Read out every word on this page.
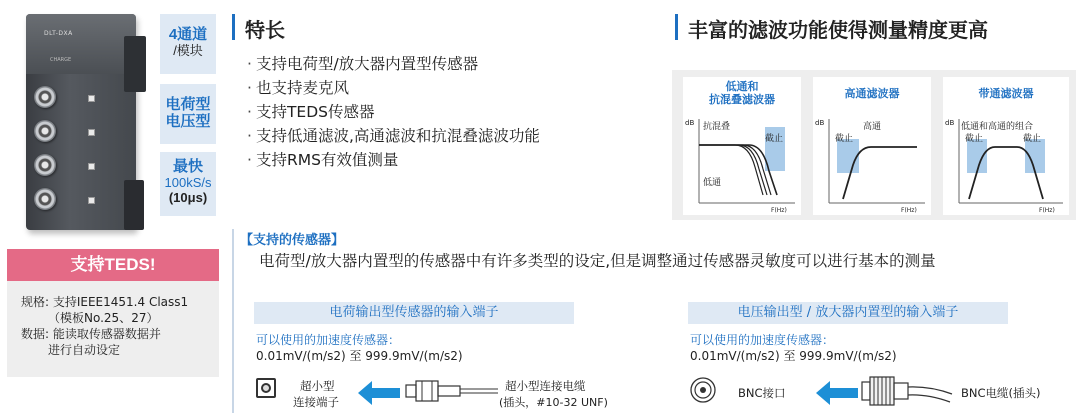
DLT-DXA
CHARGE
4通道
/模块
电荷型
电压型
最快
100kS/s
(10μs)
支持TEDS!
规格: 支持IEEE1451.4 Class1
（模板No.25、27）
数据: 能读取传感器数据并
进行自动设定
特长
· 支持电荷型/放大器内置型传感器
· 也支持麦克风
· 支持TEDS传感器
· 支持低通滤波,高通滤波和抗混叠滤波功能
· 支持RMS有效值测量
丰富的滤波功能使得测量精度更高
低通和
抗混叠滤波器
dB 抗混叠
截止
低通
F(Hz)
高通滤波器
dB	高通
截止
F(Hz)
带通滤波器
dB 低通和高通的组合
截止	截止
F(Hz)
【支持的传感器】
电荷型/放大器内置型的传感器中有许多类型的设定,但是调整通过传感器灵敏度可以进行基本的测量
电荷输出型传感器的输入端子
可以使用的加速度传感器：
0.01mV/(m/s2) 至 999.9mV/(m/s2)
超小型
连接端子
超小型连接电缆
(插头，#10-32 UNF)
电压输出型 / 放大器内置型的输入端子
可以使用的加速度传感器：
0.01mV/(m/s2) 至 999.9mV/(m/s2)
BNC接口	BNC电缆(插头)
